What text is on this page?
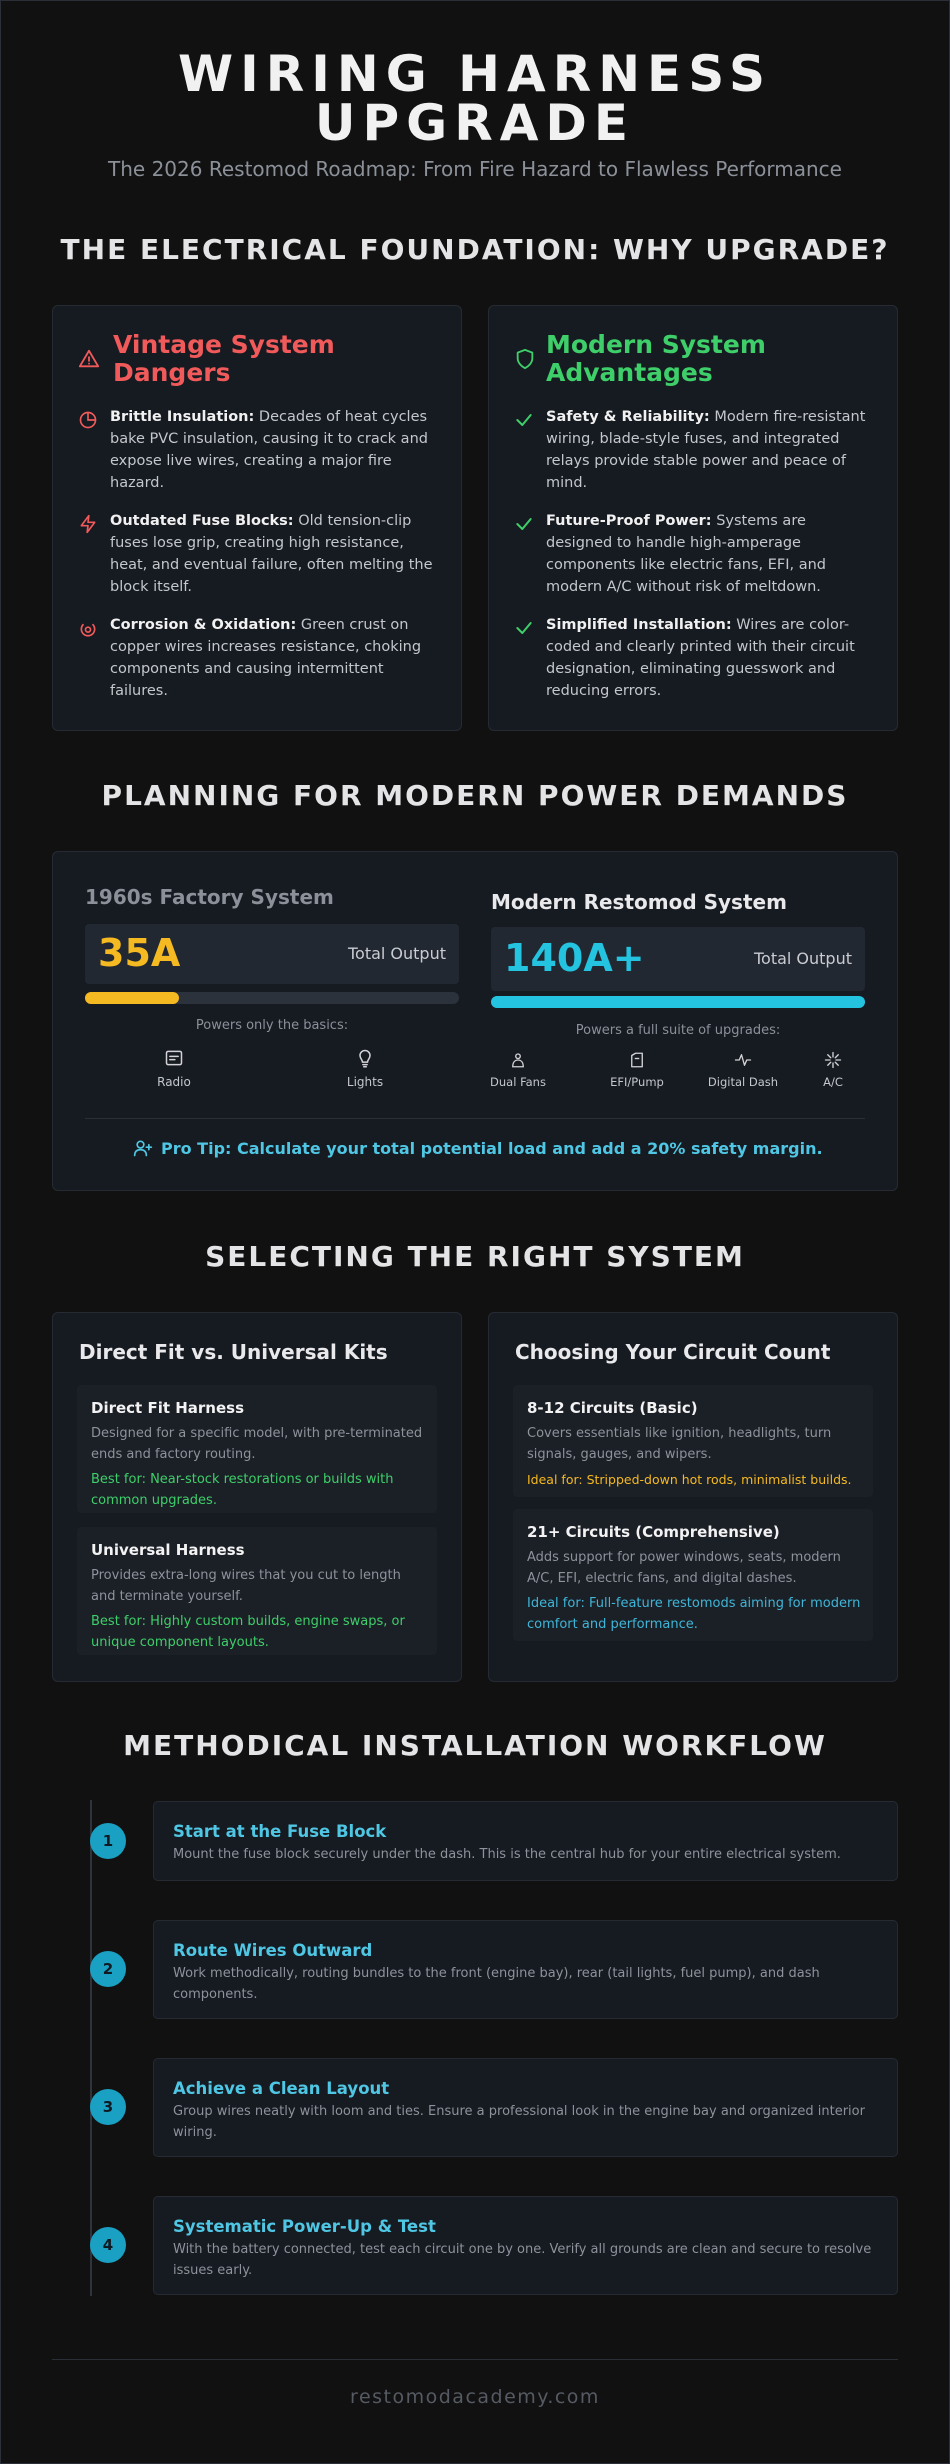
WIRING HARNESS
UPGRADE
The 2026 Restomod Roadmap: From Fire Hazard to Flawless Performance
THE ELECTRICAL FOUNDATION: WHY UPGRADE?
Vintage System Dangers
Brittle Insulation: Decades of heat cycles bake PVC insulation, causing it to crack and expose live wires, creating a major fire hazard.
Outdated Fuse Blocks: Old tension-clip fuses lose grip, creating high resistance, heat, and eventual failure, often melting the block itself.
Corrosion & Oxidation: Green crust on copper wires increases resistance, choking components and causing intermittent failures.
Modern System Advantages
Safety & Reliability: Modern fire-resistant wiring, blade-style fuses, and integrated relays provide stable power and peace of mind.
Future-Proof Power: Systems are designed to handle high-amperage components like electric fans, EFI, and modern A/C without risk of meltdown.
Simplified Installation: Wires are color-coded and clearly printed with their circuit designation, eliminating guesswork and reducing errors.
PLANNING FOR MODERN POWER DEMANDS
1960s Factory System
35A	Total Output
Powers only the basics:
Radio	Lights
Modern Restomod System
140A+	Total Output
Powers a full suite of upgrades:
Dual Fans	EFI/Pump	Digital Dash	A/C
Pro Tip: Calculate your total potential load and add a 20% safety margin.
SELECTING THE RIGHT SYSTEM
Direct Fit vs. Universal Kits
Direct Fit Harness
Designed for a specific model, with pre-terminated ends and factory routing.
Best for: Near-stock restorations or builds with common upgrades.
Universal Harness
Provides extra-long wires that you cut to length and terminate yourself.
Best for: Highly custom builds, engine swaps, or unique component layouts.
Choosing Your Circuit Count
8-12 Circuits (Basic)
Covers essentials like ignition, headlights, turn signals, gauges, and wipers.
Ideal for: Stripped-down hot rods, minimalist builds.
21+ Circuits (Comprehensive)
Adds support for power windows, seats, modern A/C, EFI, electric fans, and digital dashes.
Ideal for: Full-feature restomods aiming for modern comfort and performance.
METHODICAL INSTALLATION WORKFLOW
1	Start at the Fuse Block
Mount the fuse block securely under the dash. This is the central hub for your entire electrical system.
2
Route Wires Outward
Work methodically, routing bundles to the front (engine bay), rear (tail lights, fuel pump), and dash components.
3
Achieve a Clean Layout
Group wires neatly with loom and ties. Ensure a professional look in the engine bay and organized interior wiring.
4
Systematic Power-Up & Test
With the battery connected, test each circuit one by one. Verify all grounds are clean and secure to resolve issues early.
restomodacademy.com
